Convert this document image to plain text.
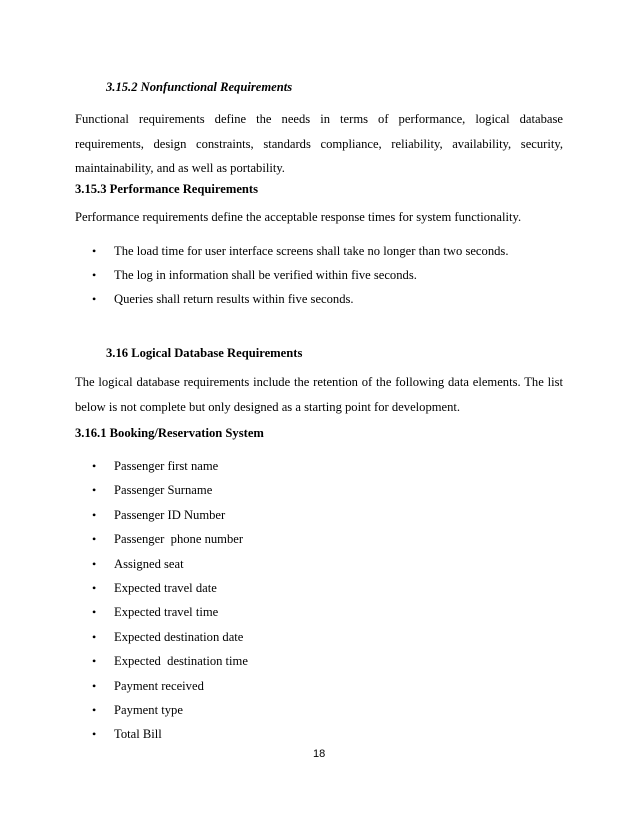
3.15.2 Nonfunctional Requirements

Functional requirements define the needs in terms of performance, logical database requirements, design constraints, standards compliance, reliability, availability, security, maintainability, and as well as portability.

3.15.3 Performance Requirements

Performance requirements define the acceptable response times for system functionality.

• The load time for user interface screens shall take no longer than two seconds.

• The log in information shall be verified within five seconds.

• Queries shall return results within five seconds.

3.16 Logical Database Requirements

The logical database requirements include the retention of the following data elements. The list below is not complete but only designed as a starting point for development.

3.16.1 Booking/Reservation System

• Passenger first name

• Passenger Surname

• Passenger ID Number

• Passenger  phone number

• Assigned seat

• Expected travel date

• Expected travel time

• Expected destination date

• Expected  destination time

• Payment received

• Payment type

• Total Bill

18
